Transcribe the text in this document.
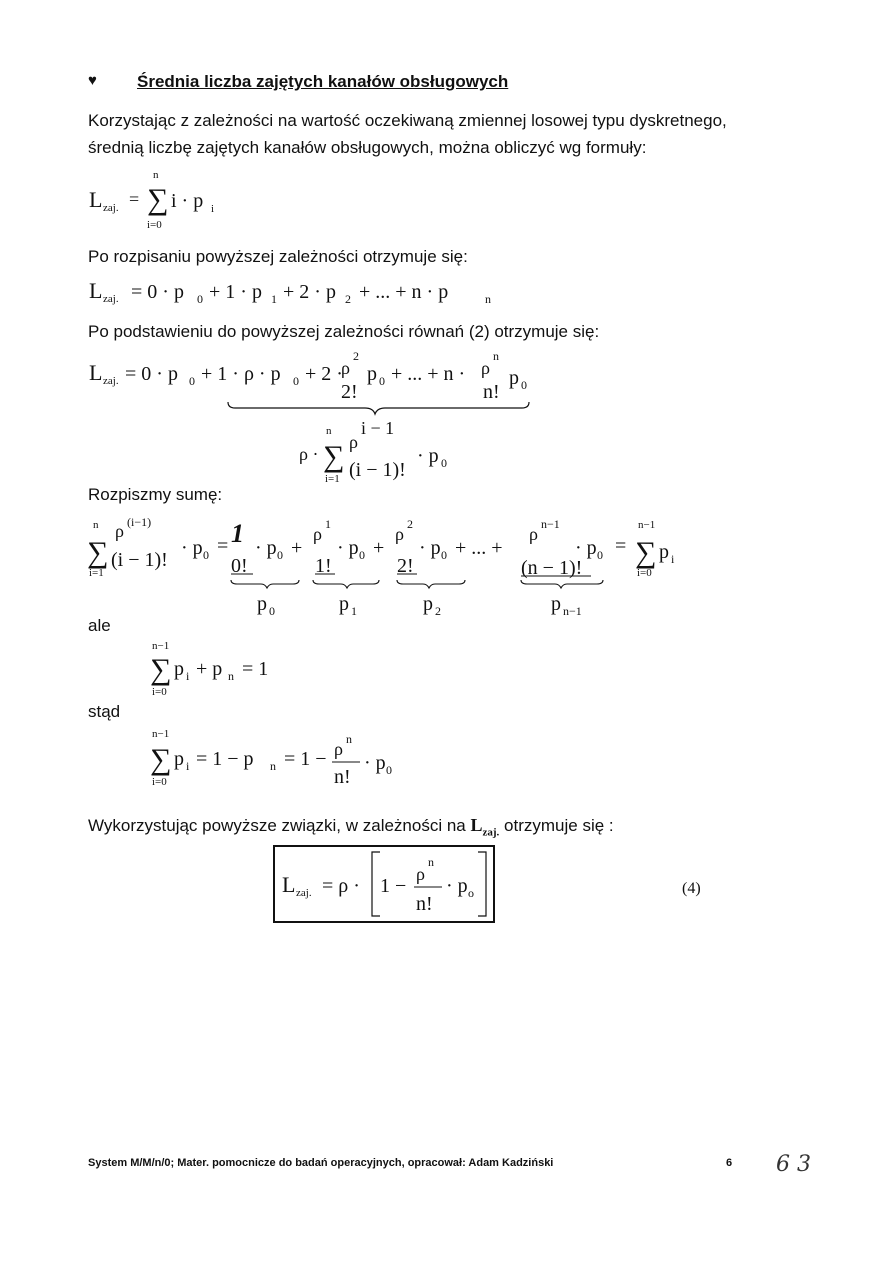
♥ Średnia liczba zajętych kanałów obsługowych
Korzystając z zależności na wartość oczekiwaną zmiennej losowej typu dyskretnego,
średnią liczbę zajętych kanałów obsługowych, można obliczyć wg formuły:
L zaj. =
n
∑ i · p i
i=0
Po rozpisaniu powyższej zależności otrzymuje się:
L zaj. = 0 · p 0 + 1 · p 1 + 2 · p 2 + ... + n · p	n
Po podstawieniu do powyższej zależności równań (2) otrzymuje się:
L zaj. = 0 · p 0 + 1 · ρ · p 0 + 2 ·
ρ
2
2!
p 0 + ... + n · ρ
n
n!
p 0
ρ ·
n
∑
i=1
ρ
i − 1
(i − 1)!
· p 0
Rozpiszmy sumę:
n
∑
i=1
ρ (i−1)
(i − 1)!
· p 0 = 1
0!
· p 0 +
ρ 1
1!
· p 0 +
ρ 2
2!
· p 0 + ... +
ρ n−1
(n − 1)!
· p 0 =
n−1
∑
i=0
p i
p 0	p 1	p 2	p n−1
ale
n−1
∑
i=0
p i + p n = 1
stąd
n−1
∑
i=0
p i = 1 − p n = 1 − ρ n
n!
· p 0
Wykorzystując powyższe związki, w zależności na $L_{zaj.}$ otrzymuje się :
L zaj. = ρ · 1 −
ρ
n
n!
· p o	(4)
System M/M/n/0; Mater. pomocnicze do badań operacyjnych, opracował: Adam Kadziński	6 6 3
